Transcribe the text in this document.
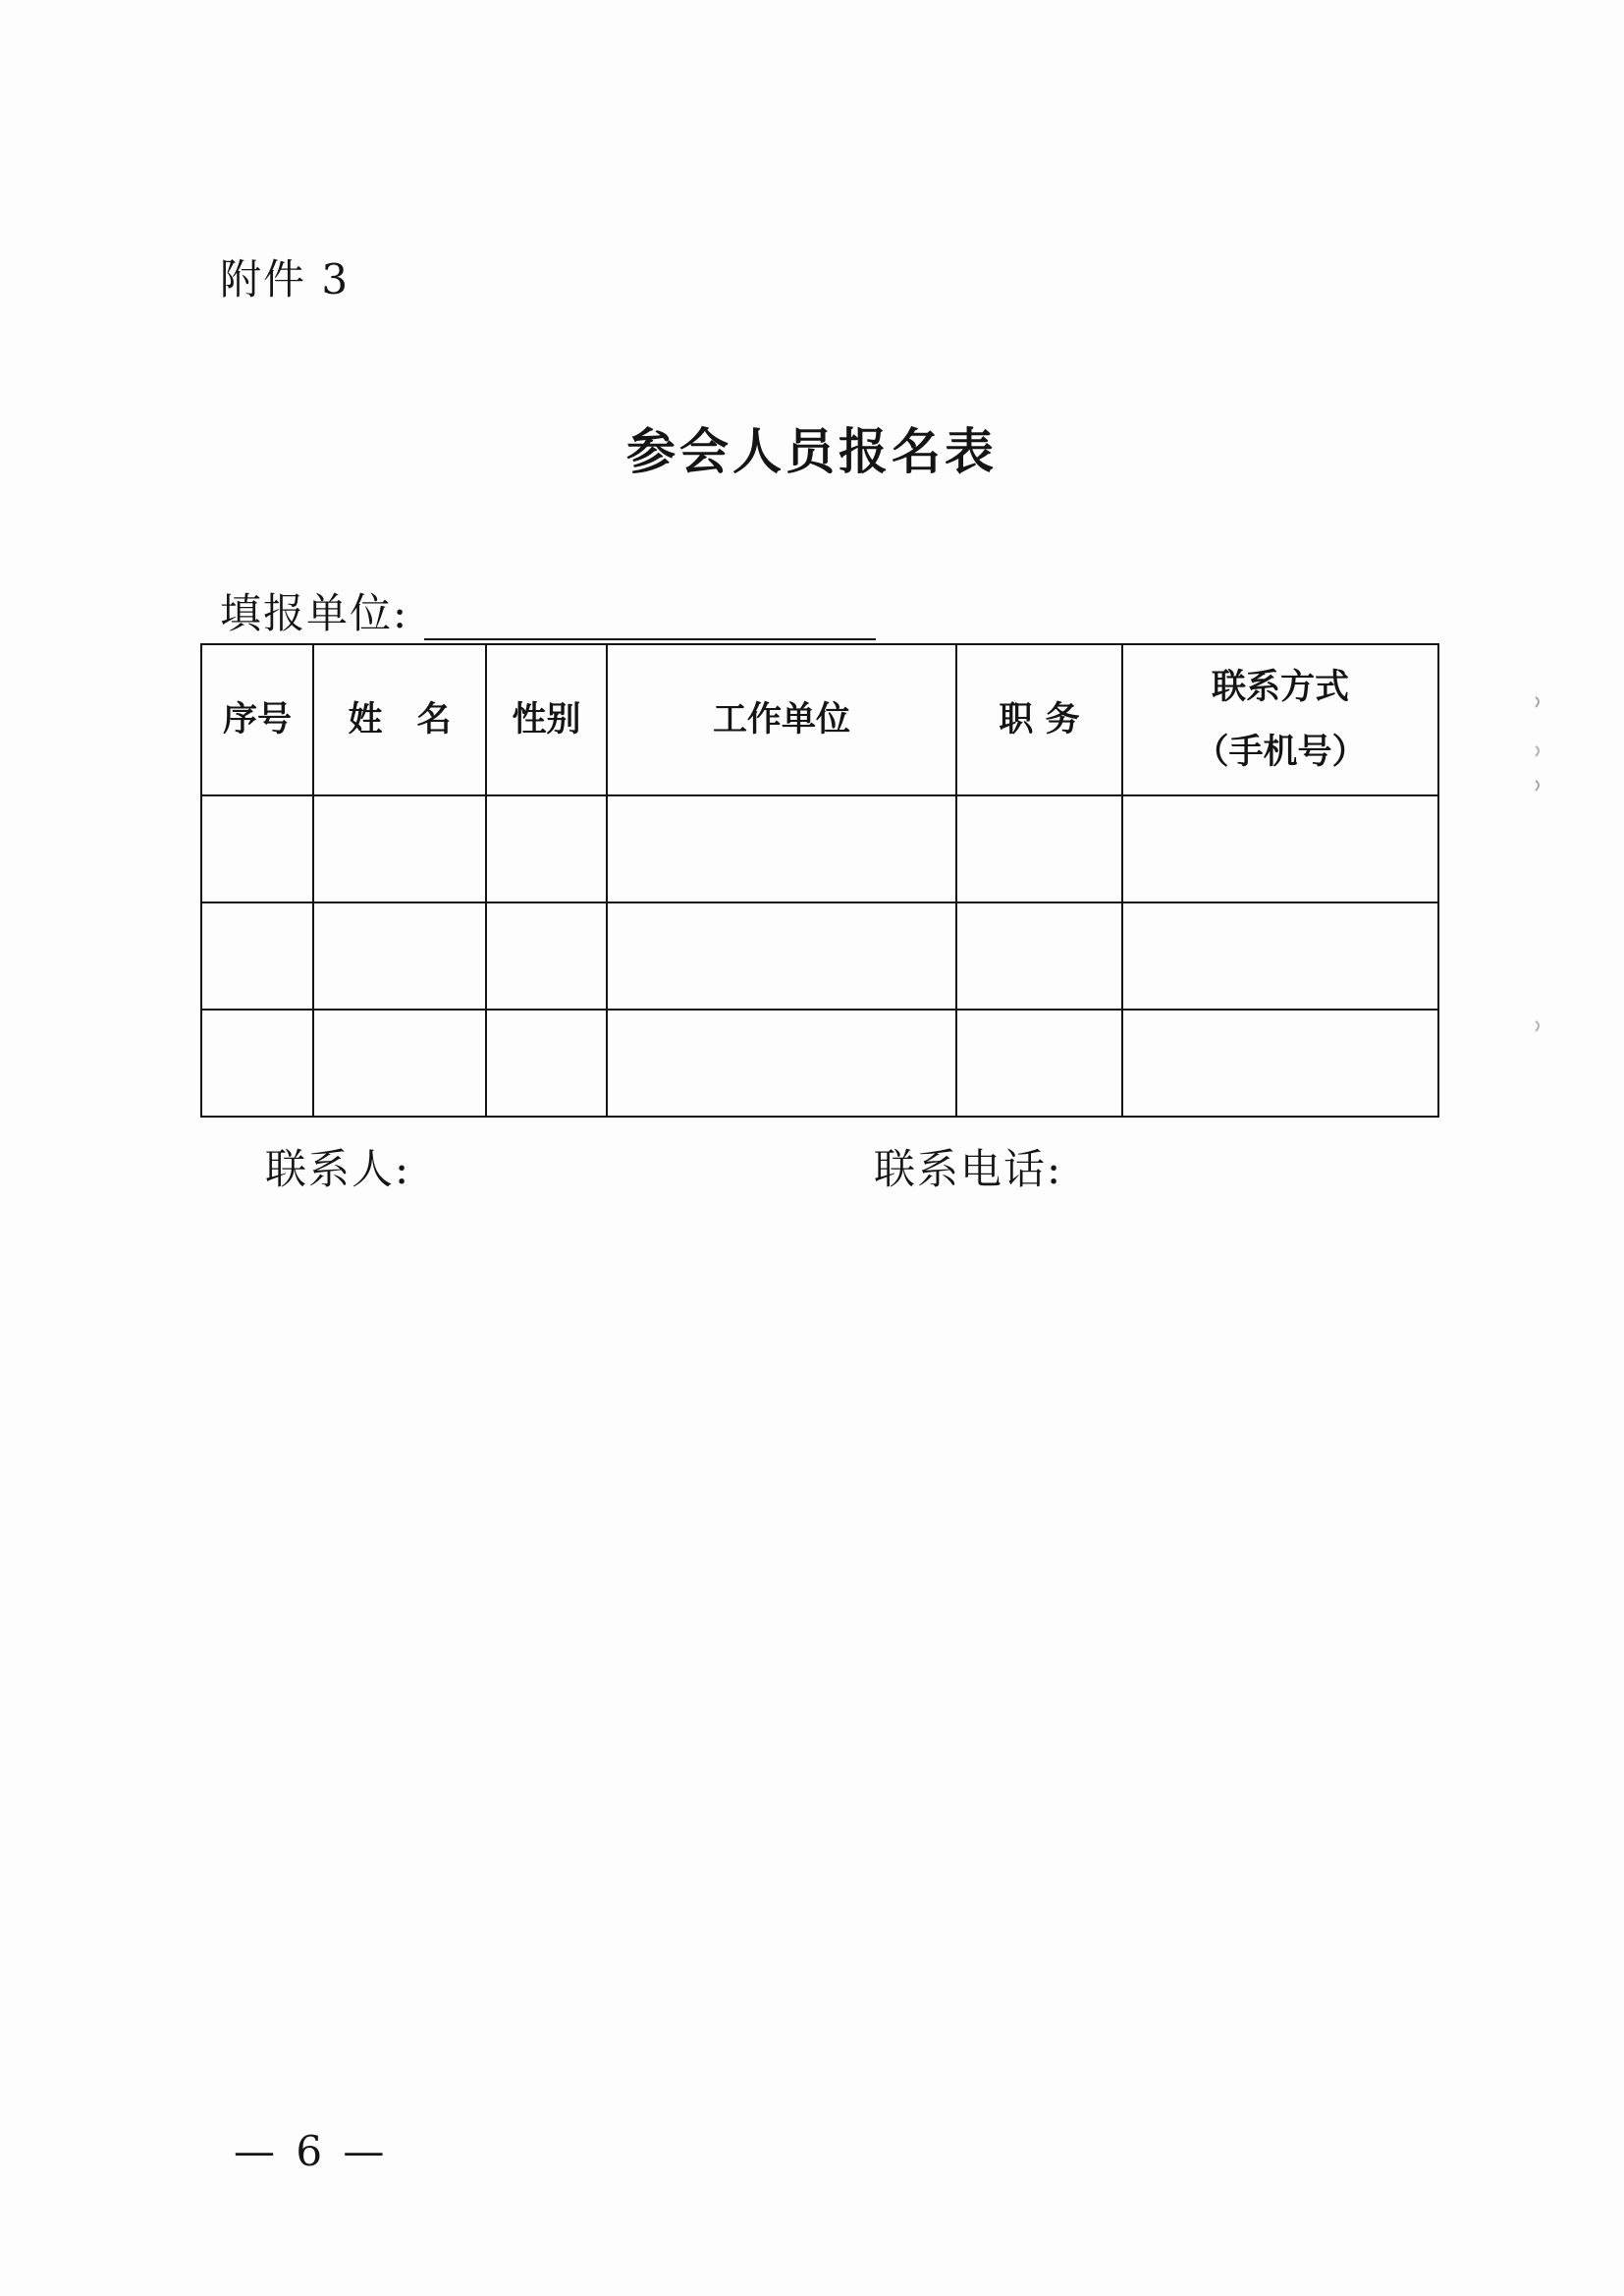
附件 3
参会人员报名表
填报单位:
序号	姓　名	性别	工作单位	职 务	联系方式
（手机号）

联系人:	联系电话:
— 6 —
